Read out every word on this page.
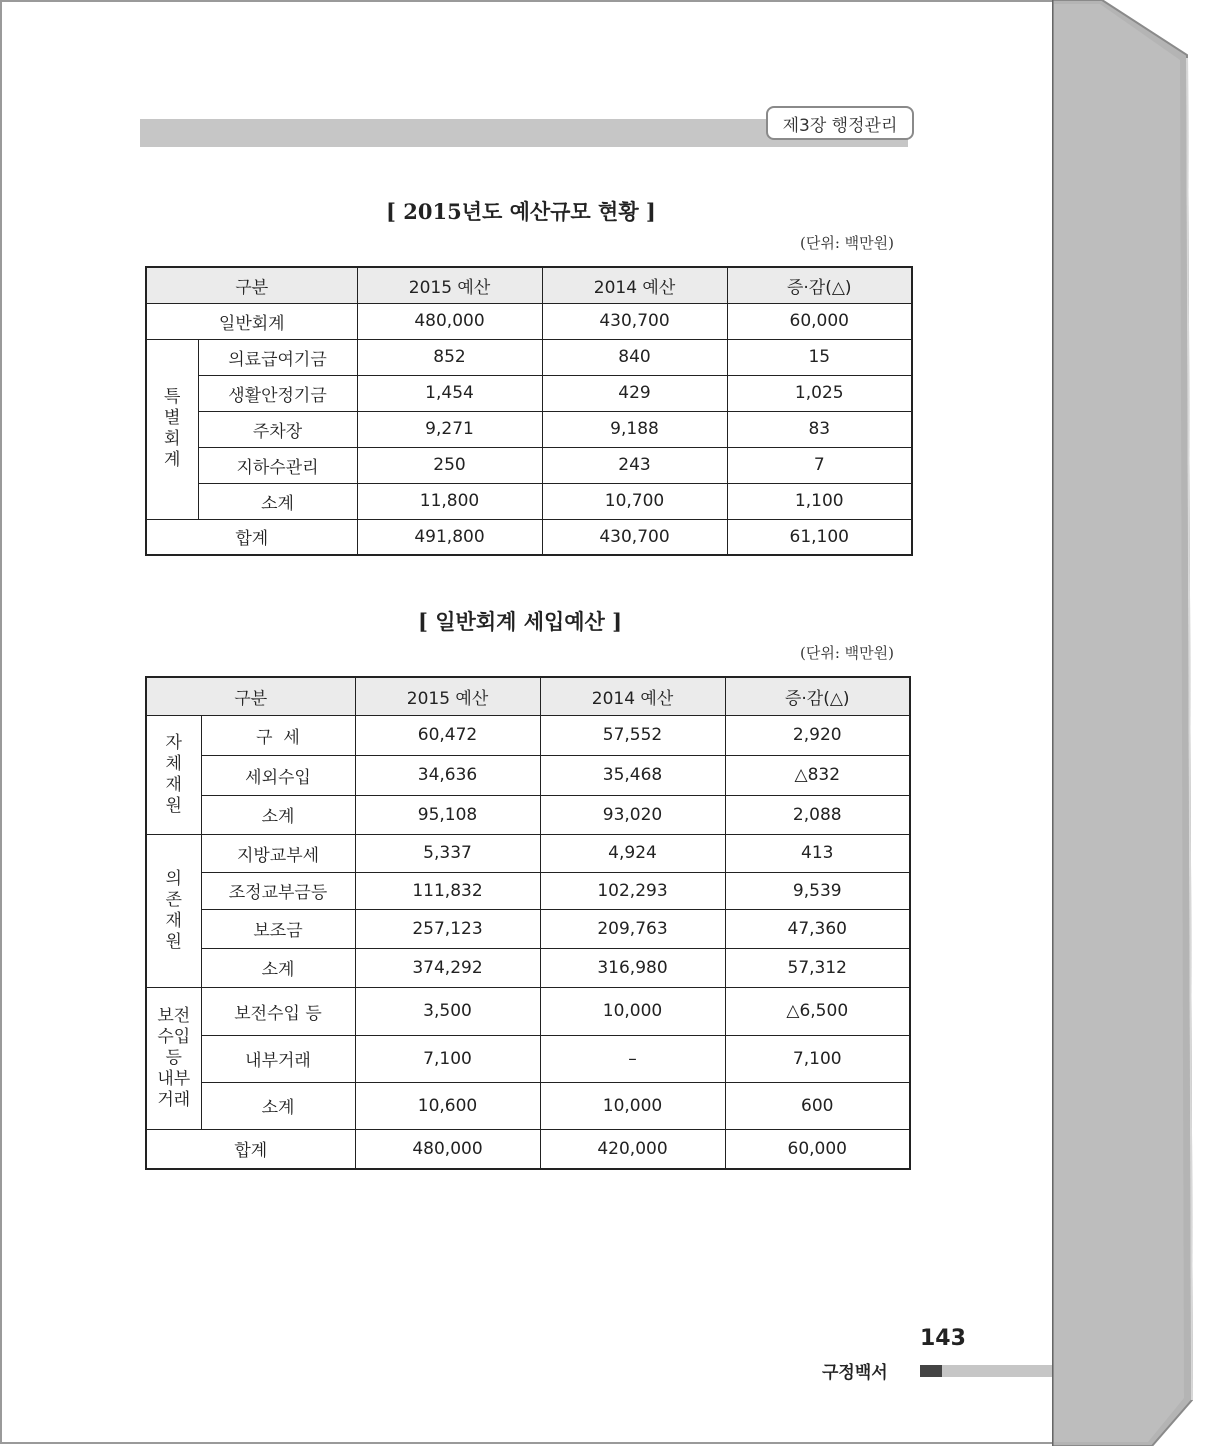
제3장 행정관리
[ 2015년도 예산규모 현황 ]
(단위: 백만원)
구분		2015 예산	2014 예산	증·감(△)
일반회계		480,000	430,700	60,000
특
별
회
계	의료급여기금	852	840	15
	생활안정기금	1,454	429	1,025
	주차장	9,271	9,188	83
	지하수관리	250	243	7
	소계	11,800	10,700	1,100
합계		491,800	430,700	61,100
[ 일반회계 세입예산 ]
(단위: 백만원)
구분		2015 예산	2014 예산	증·감(△)
자
체
재
원	구  세	60,472	57,552	2,920
	세외수입	34,636	35,468	△832
	소계	95,108	93,020	2,088
의
존
재
원	지방교부세	5,337	4,924	413
	조정교부금등	111,832	102,293	9,539
	보조금	257,123	209,763	47,360
	소계	374,292	316,980	57,312
보전
수입
등
내부
거래	보전수입 등	3,500	10,000	△6,500
	내부거래	7,100	–	7,100
	소계	10,600	10,000	600
합계		480,000	420,000	60,000
143
구정백서
